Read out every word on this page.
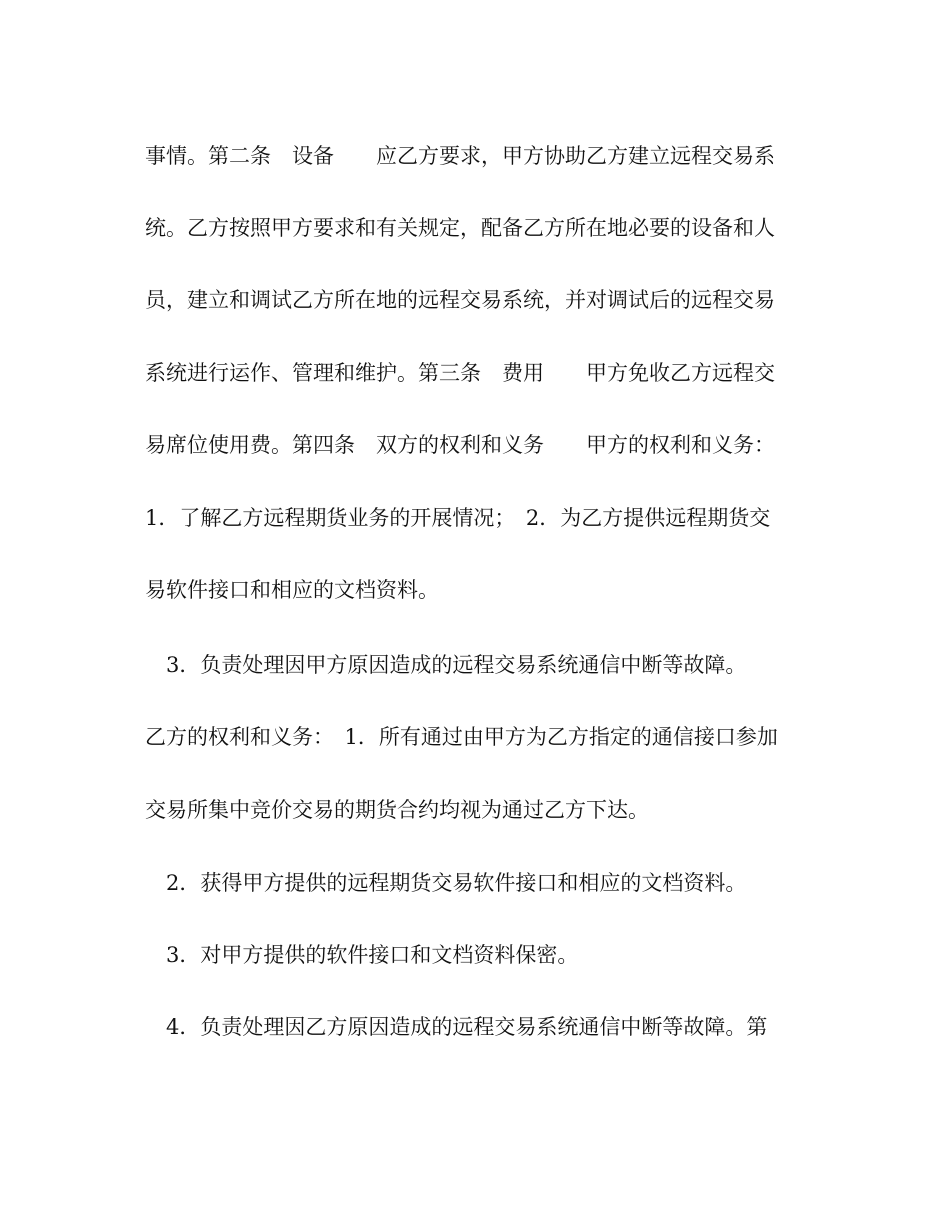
事情。第二条　设备　　应乙方要求，甲方协助乙方建立远程交易系
统。乙方按照甲方要求和有关规定，配备乙方所在地必要的设备和人
员，建立和调试乙方所在地的远程交易系统，并对调试后的远程交易
系统进行运作、管理和维护。第三条　费用　　甲方免收乙方远程交
易席位使用费。第四条　双方的权利和义务　　甲方的权利和义务：
1．了解乙方远程期货业务的开展情况；　2．为乙方提供远程期货交
易软件接口和相应的文档资料。
　3．负责处理因甲方原因造成的远程交易系统通信中断等故障。
乙方的权利和义务：　1．所有通过由甲方为乙方指定的通信接口参加
交易所集中竞价交易的期货合约均视为通过乙方下达。
　2．获得甲方提供的远程期货交易软件接口和相应的文档资料。
　3．对甲方提供的软件接口和文档资料保密。
　4．负责处理因乙方原因造成的远程交易系统通信中断等故障。第
